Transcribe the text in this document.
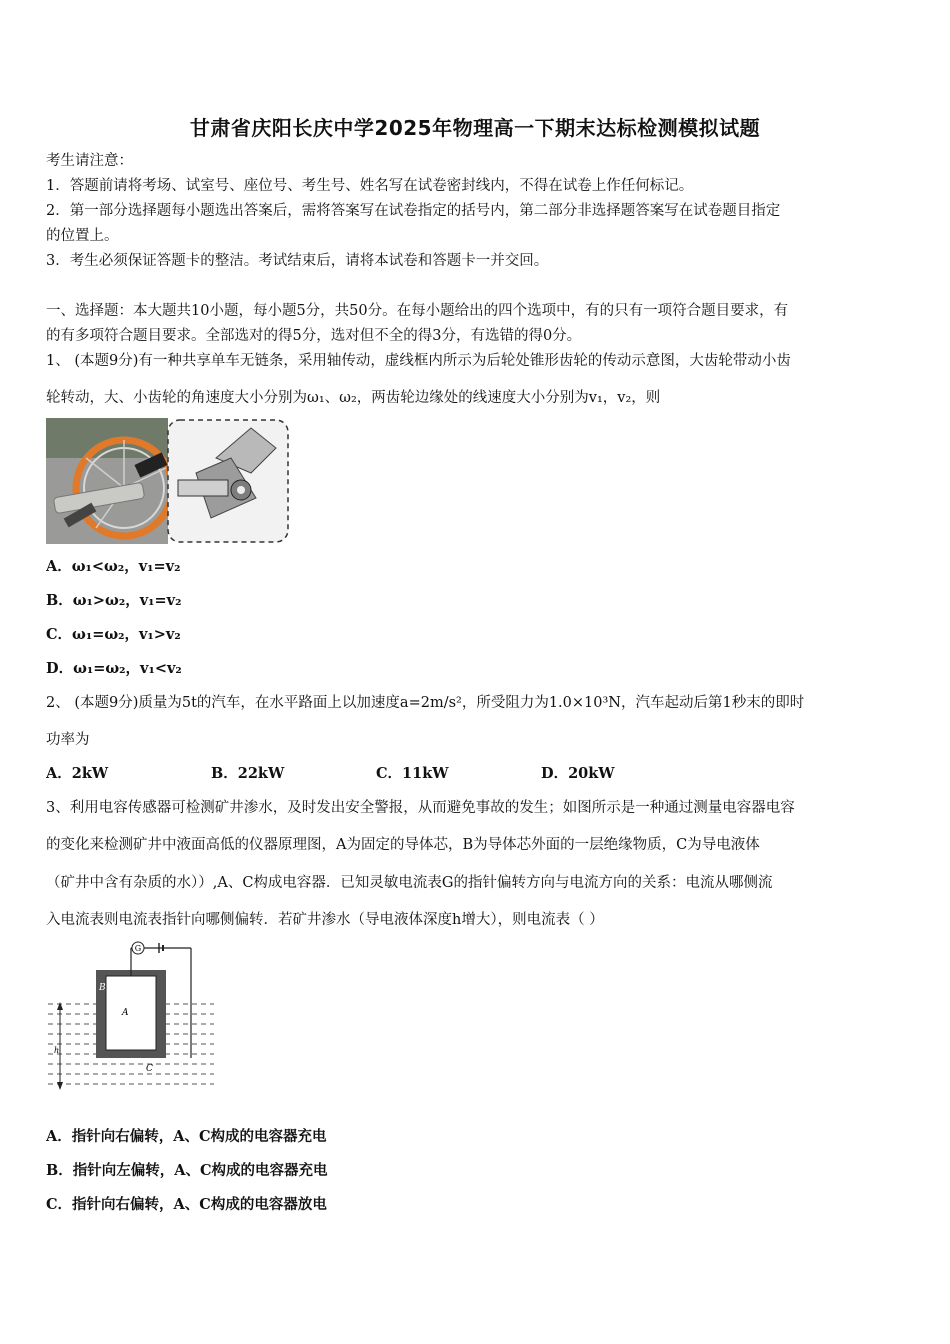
甘肃省庆阳长庆中学2025年物理高一下期末达标检测模拟试题
考生请注意：
1．答题前请将考场、试室号、座位号、考生号、姓名写在试卷密封线内，不得在试卷上作任何标记。
2．第一部分选择题每小题选出答案后，需将答案写在试卷指定的括号内，第二部分非选择题答案写在试卷题目指定
的位置上。
3．考生必须保证答题卡的整洁。考试结束后，请将本试卷和答题卡一并交回。
一、选择题：本大题共10小题，每小题5分，共50分。在每小题给出的四个选项中，有的只有一项符合题目要求，有
的有多项符合题目要求。全部选对的得5分，选对但不全的得3分，有选错的得0分。
1、 (本题9分)有一种共享单车无链条，采用轴传动，虚线框内所示为后轮处锥形齿轮的传动示意图，大齿轮带动小齿
轮转动，大、小齿轮的角速度大小分别为ω₁、ω₂，两齿轮边缘处的线速度大小分别为v₁，v₂，则
A．ω₁<ω₂，v₁=v₂
B．ω₁>ω₂，v₁=v₂
C．ω₁=ω₂，v₁>v₂
D．ω₁=ω₂，v₁<v₂
2、 (本题9分)质量为5t的汽车，在水平路面上以加速度a=2m/s²，所受阻力为1.0×10³N，汽车起动后第1秒末的即时
功率为
A．2kW	B．22kW	C．11kW	D．20kW
3、利用电容传感器可检测矿井渗水，及时发出安全警报，从而避免事故的发生；如图所示是一种通过测量电容器电容
的变化来检测矿井中液面高低的仪器原理图，A为固定的导体芯，B为导体芯外面的一层绝缘物质，C为导电液体
（矿井中含有杂质的水））,A、C构成电容器．已知灵敏电流表G的指针偏转方向与电流方向的关系：电流从哪侧流
入电流表则电流表指针向哪侧偏转．若矿井渗水（导电液体深度h增大），则电流表（ ）
G
A
B
C
h
A．指针向右偏转，A、C构成的电容器充电
B．指针向左偏转，A、C构成的电容器充电
C．指针向右偏转，A、C构成的电容器放电
